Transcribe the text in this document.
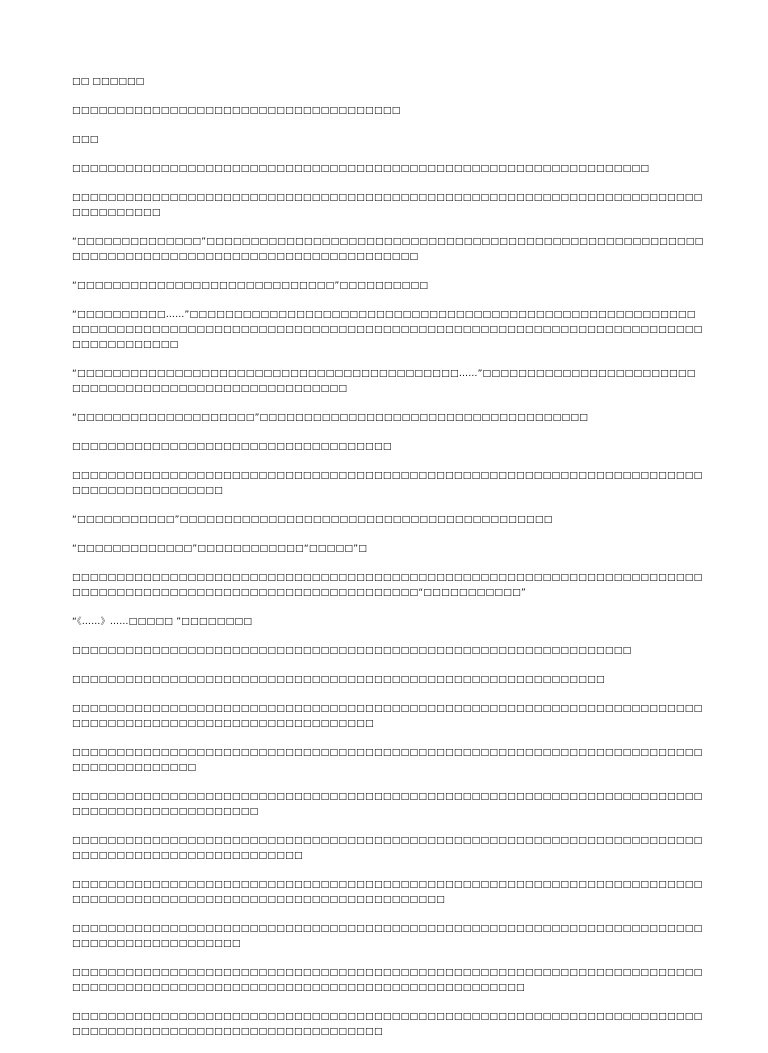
□□ □□□□□□
□□□□□□□□□□□□□□□□□□□□□□□□□□□□□□□□□□□□□
□□□
□□□□□□□□□□□□□□□□□□□□□□□□□□□□□□□□□□□□□□□□□□□□□□□□□□□□□□□□□□□□□□□□□
□□□□□□□□□□□□□□□□□□□□□□□□□□□□□□□□□□□□□□□□□□□□□□□□□□□□□□□□□□□□□□□□□□□□□□□□□□□□□□□□□
“□□□□□□□□□□□□□□”□□□□□□□□□□□□□□□□□□□□□□□□□□□□□□□□□□□□□□□□□□□□□□□□□□□□□□□□□□□□□□□□□□□□□□□□□□□□□□□□□□□□□□□□□□□□□□□
“□□□□□□□□□□□□□□□□□□□□□□□□□□□□□”□□□□□□□□□□
“□□□□□□□□□□……”□□□□□□□□□□□□□□□□□□□□□□□□□□□□□□□□□□□□□□□□□□□□□□□□□□□□□□□□□□□□□□□□□□□□□□□□□□□□□□□□□□□□□□□□□□□□□□□□□□□□□□□□□□□□□□□□□□□□□□□□□□□□□□□□□□□□□□□□□□□□
“□□□□□□□□□□□□□□□□□□□□□□□□□□□□□□□□□□□□□□□□□□□……”□□□□□□□□□□□□□□□□□□□□□□□□□□□□□□□□□□□□□□□□□□□□□□□□□□□□□□□
“□□□□□□□□□□□□□□□□□□□□”□□□□□□□□□□□□□□□□□□□□□□□□□□□□□□□□□□□□□
□□□□□□□□□□□□□□□□□□□□□□□□□□□□□□□□□□□□
□□□□□□□□□□□□□□□□□□□□□□□□□□□□□□□□□□□□□□□□□□□□□□□□□□□□□□□□□□□□□□□□□□□□□□□□□□□□□□□□□□□□□□□□
“□□□□□□□□□□□”□□□□□□□□□□□□□□□□□□□□□□□□□□□□□□□□□□□□□□□□□□
“□□□□□□□□□□□□□”□□□□□□□□□□□□“□□□□□”□
□□□□□□□□□□□□□□□□□□□□□□□□□□□□□□□□□□□□□□□□□□□□□□□□□□□□□□□□□□□□□□□□□□□□□□□□□□□□□□□□□□□□□□□□□□□□□□□□□□□□□□□□□□□□□□“□□□□□□□□□□□”
“《……》……□□□□□ ”□□□□□□□□
□□□□□□□□□□□□□□□□□□□□□□□□□□□□□□□□□□□□□□□□□□□□□□□□□□□□□□□□□□□□□□□
□□□□□□□□□□□□□□□□□□□□□□□□□□□□□□□□□□□□□□□□□□□□□□□□□□□□□□□□□□□□
□□□□□□□□□□□□□□□□□□□□□□□□□□□□□□□□□□□□□□□□□□□□□□□□□□□□□□□□□□□□□□□□□□□□□□□□□□□□□□□□□□□□□□□□□□□□□□□□□□□□□□□□□
□□□□□□□□□□□□□□□□□□□□□□□□□□□□□□□□□□□□□□□□□□□□□□□□□□□□□□□□□□□□□□□□□□□□□□□□□□□□□□□□□□□□□
□□□□□□□□□□□□□□□□□□□□□□□□□□□□□□□□□□□□□□□□□□□□□□□□□□□□□□□□□□□□□□□□□□□□□□□□□□□□□□□□□□□□□□□□□□□□
□□□□□□□□□□□□□□□□□□□□□□□□□□□□□□□□□□□□□□□□□□□□□□□□□□□□□□□□□□□□□□□□□□□□□□□□□□□□□□□□□□□□□□□□□□□□□□□□□
□□□□□□□□□□□□□□□□□□□□□□□□□□□□□□□□□□□□□□□□□□□□□□□□□□□□□□□□□□□□□□□□□□□□□□□□□□□□□□□□□□□□□□□□□□□□□□□□□□□□□□□□□□□□□□□□□
□□□□□□□□□□□□□□□□□□□□□□□□□□□□□□□□□□□□□□□□□□□□□□□□□□□□□□□□□□□□□□□□□□□□□□□□□□□□□□□□□□□□□□□□□□
□□□□□□□□□□□□□□□□□□□□□□□□□□□□□□□□□□□□□□□□□□□□□□□□□□□□□□□□□□□□□□□□□□□□□□□□□□□□□□□□□□□□□□□□□□□□□□□□□□□□□□□□□□□□□□□□□□□□□□□□□□
□□□□□□□□□□□□□□□□□□□□□□□□□□□□□□□□□□□□□□□□□□□□□□□□□□□□□□□□□□□□□□□□□□□□□□□□□□□□□□□□□□□□□□□□□□□□□□□□□□□□□□□□□□
